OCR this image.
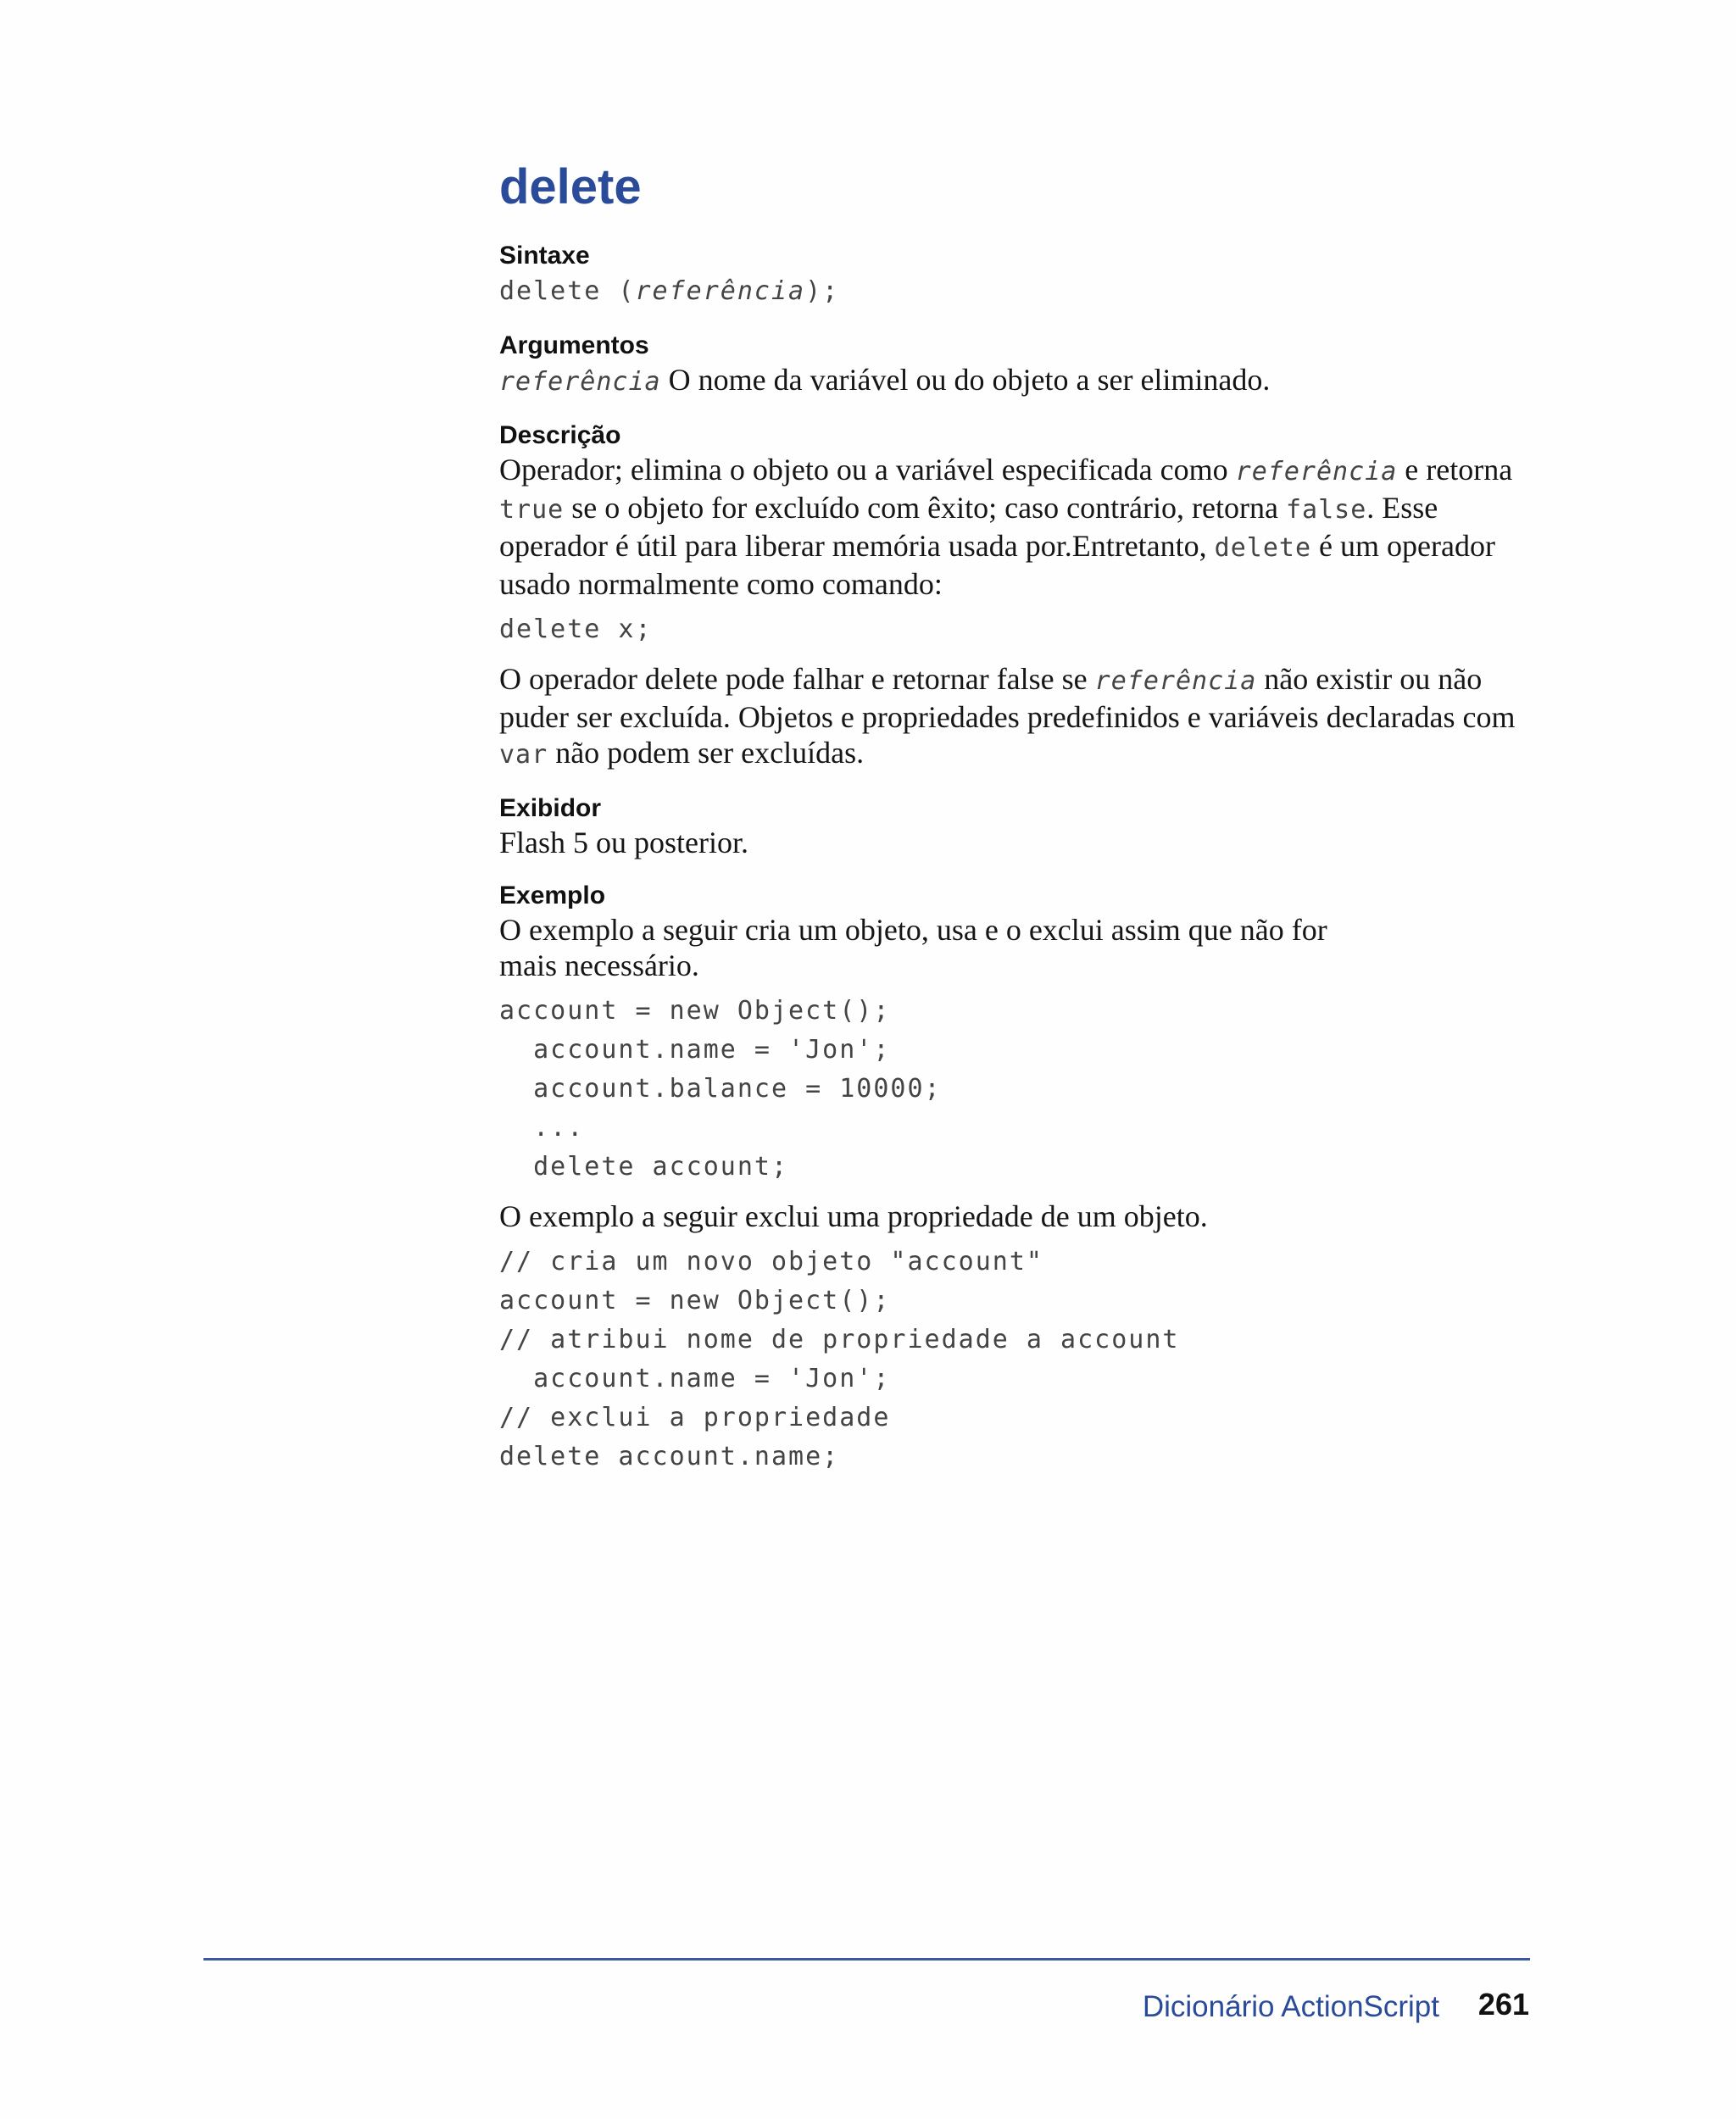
delete

Sintaxe

delete (referência);

Argumentos

referência O nome da variável ou do objeto a ser eliminado.

Descrição

Operador; elimina o objeto ou a variável especificada como referência e retorna true se o objeto for excluído com êxito; caso contrário, retorna false. Esse operador é útil para liberar memória usada por.Entretanto, delete é um operador usado normalmente como comando:

delete x;

O operador delete pode falhar e retornar false se referência não existir ou não puder ser excluída. Objetos e propriedades predefinidos e variáveis declaradas com var não podem ser excluídas.

Exibidor

Flash 5 ou posterior.

Exemplo

O exemplo a seguir cria um objeto, usa e o exclui assim que não for
mais necessário.

account = new Object();
account.name = 'Jon';
account.balance = 10000;
...
delete account;

O exemplo a seguir exclui uma propriedade de um objeto.

// cria um novo objeto "account"
account = new Object();
// atribui nome de propriedade a account
account.name = 'Jon';
// exclui a propriedade
delete account.name;
Dicionário ActionScript 261
